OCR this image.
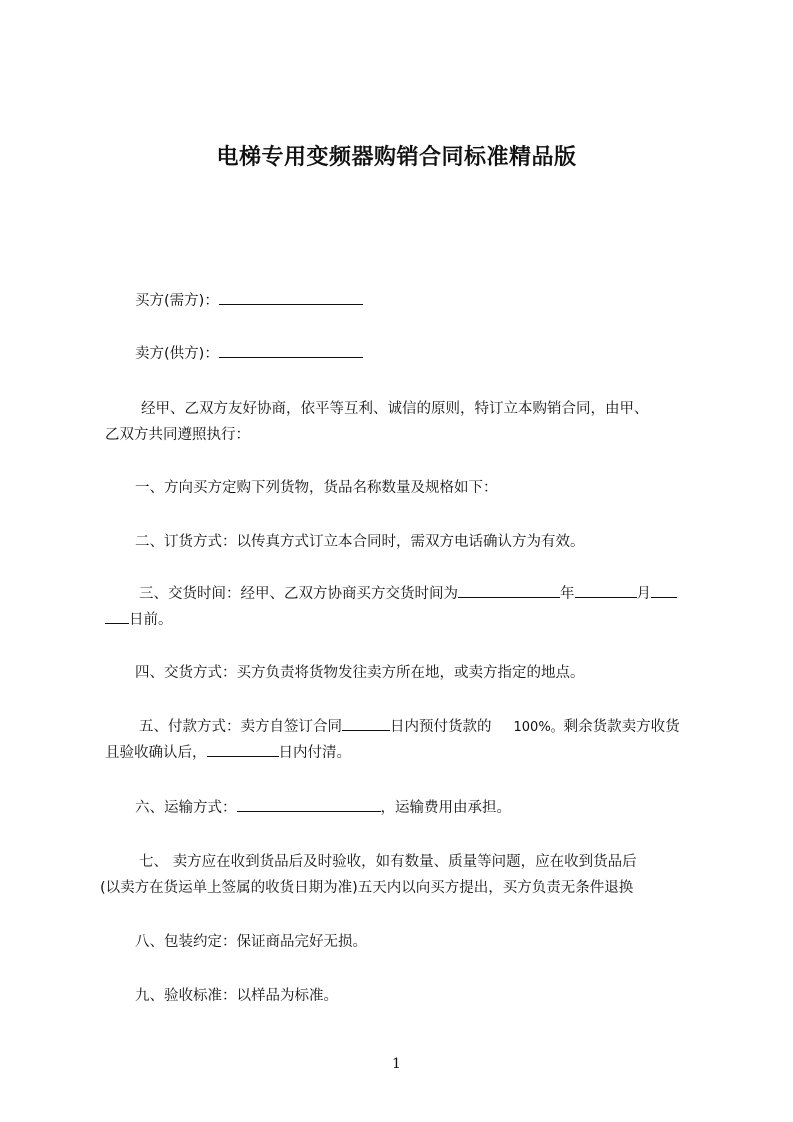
电梯专用变频器购销合同标准精品版
买方(需方)：
卖方(供方)：
经甲、乙双方友好协商，依平等互利、诚信的原则，特订立本购销合同，由甲、
乙双方共同遵照执行：
一、方向买方定购下列货物，货品名称数量及规格如下：
二、订货方式：以传真方式订立本合同时，需双方电话确认方为有效。
三、交货时间：经甲、乙双方协商买方交货时间为	年	月
日前。
四、交货方式：买方负责将货物发往卖方所在地，或卖方指定的地点。
五、付款方式：卖方自签订合同	日内预付货款的 100%。剩余货款卖方收货
且验收确认后，	日内付清。
六、运输方式：	，运输费用由承担。
七、 卖方应在收到货品后及时验收，如有数量、质量等问题，应在收到货品后
(以卖方在货运单上签属的收货日期为准)五天内以向买方提出，买方负责无条件退换
八、包装约定：保证商品完好无损。
九、验收标准：以样品为标准。
1
